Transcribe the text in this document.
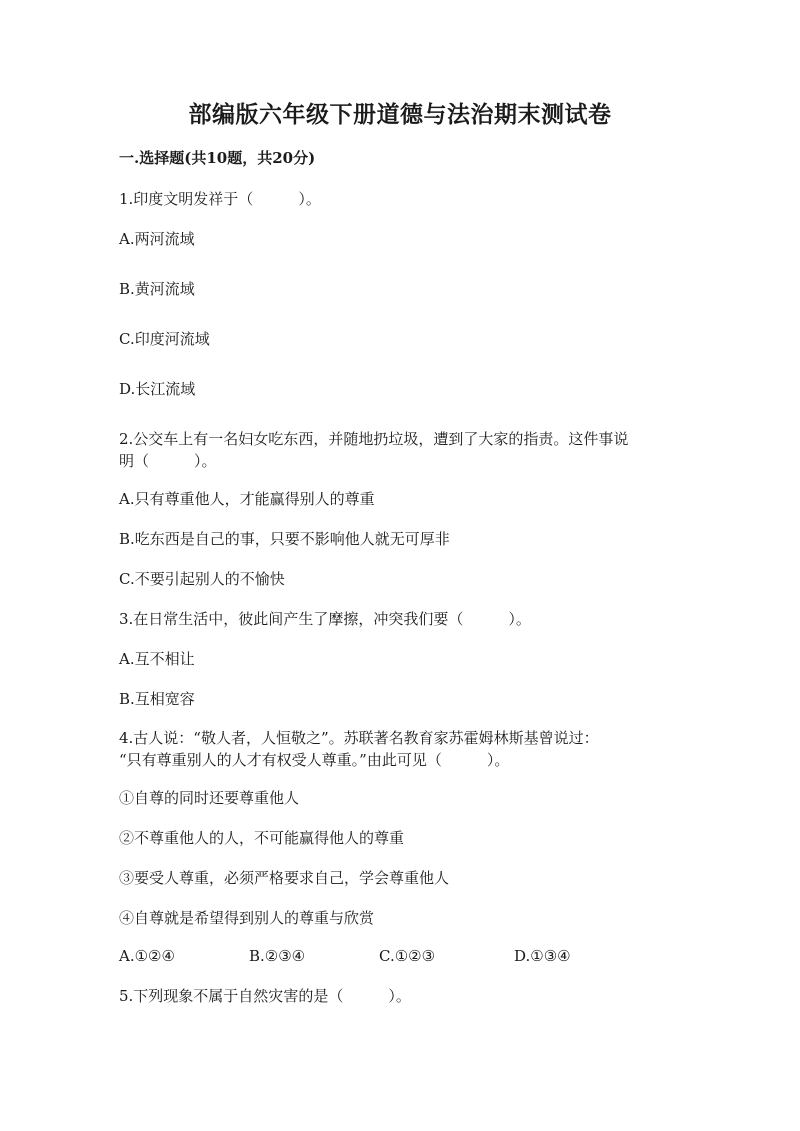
部编版六年级下册道德与法治期末测试卷
一.选择题(共10题，共20分)
1.印度文明发祥于（　　　）。
A.两河流域
B.黄河流域
C.印度河流域
D.长江流域
2.公交车上有一名妇女吃东西，并随地扔垃圾，遭到了大家的指责。这件事说
明（　　　）。
A.只有尊重他人，才能赢得别人的尊重
B.吃东西是自己的事，只要不影响他人就无可厚非
C.不要引起别人的不愉快
3.在日常生活中，彼此间产生了摩擦，冲突我们要（　　　）。
A.互不相让
B.互相宽容
4.古人说：“敬人者，人恒敬之”。苏联著名教育家苏霍姆林斯基曾说过：
“只有尊重别人的人才有权受人尊重。”由此可见（　　　）。
①自尊的同时还要尊重他人
②不尊重他人的人，不可能赢得他人的尊重
③要受人尊重，必须严格要求自己，学会尊重他人
④自尊就是希望得到别人的尊重与欣赏
A.①②④	B.②③④	C.①②③	D.①③④
5.下列现象不属于自然灾害的是（　　　）。
